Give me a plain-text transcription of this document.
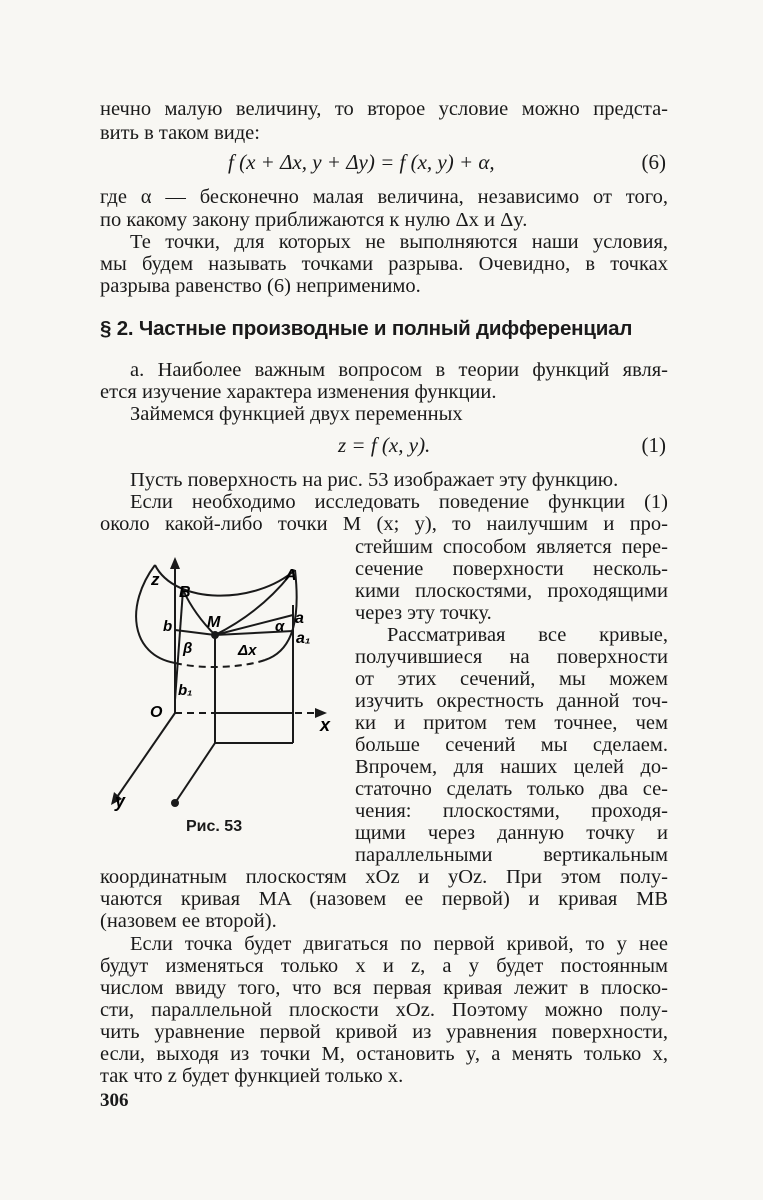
нечно малую величину, то второе условие можно предста-
вить в таком виде:
f (x + Δx, y + Δy) = f (x, y) + α,	(6)
где α — бесконечно малая величина, независимо от того,
по какому закону приближаются к нулю Δx и Δy.
Те точки, для которых не выполняются наши условия,
мы будем называть точками разрыва. Очевидно, в точках
разрыва равенство (6) неприменимо.
§ 2. Частные производные и полный дифференциал
а. Наиболее важным вопросом в теории функций явля-
ется изучение характера изменения функции.
Займемся функцией двух переменных
z = f (x, y).	(1)
Пусть поверхность на рис. 53 изображает эту функцию.
Если необходимо исследовать поведение функции (1)
около какой-либо точки M (x; y), то наилучшим и про-
стейшим способом является пере-
сечение поверхности несколь-
кими плоскостями, проходящими
через эту точку.
Рассматривая все кривые,
получившиеся на поверхности
от этих сечений, мы можем
изучить окрестность данной точ-
ки и притом тем точнее, чем
больше сечений мы сделаем.
Впрочем, для наших целей до-
статочно сделать только два се-
чения: плоскостями, проходя-
щими через данную точку и
параллельными вертикальным
координатным плоскостям xOz и yOz. При этом полу-
чаются кривая MA (назовем ее первой) и кривая MB
(назовем ее второй).
Если точка будет двигаться по первой кривой, то у нее
будут изменяться только x и z, а y будет постоянным
числом ввиду того, что вся первая кривая лежит в плоско-
сти, параллельной плоскости xOz. Поэтому можно полу-
чить уравнение первой кривой из уравнения поверхности,
если, выходя из точки M, остановить y, а менять только x,
так что z будет функцией только x.
z
x
y
O
A
B
M	a
a₁
b
b₁
α
β	Δx
Рис. 53
306
